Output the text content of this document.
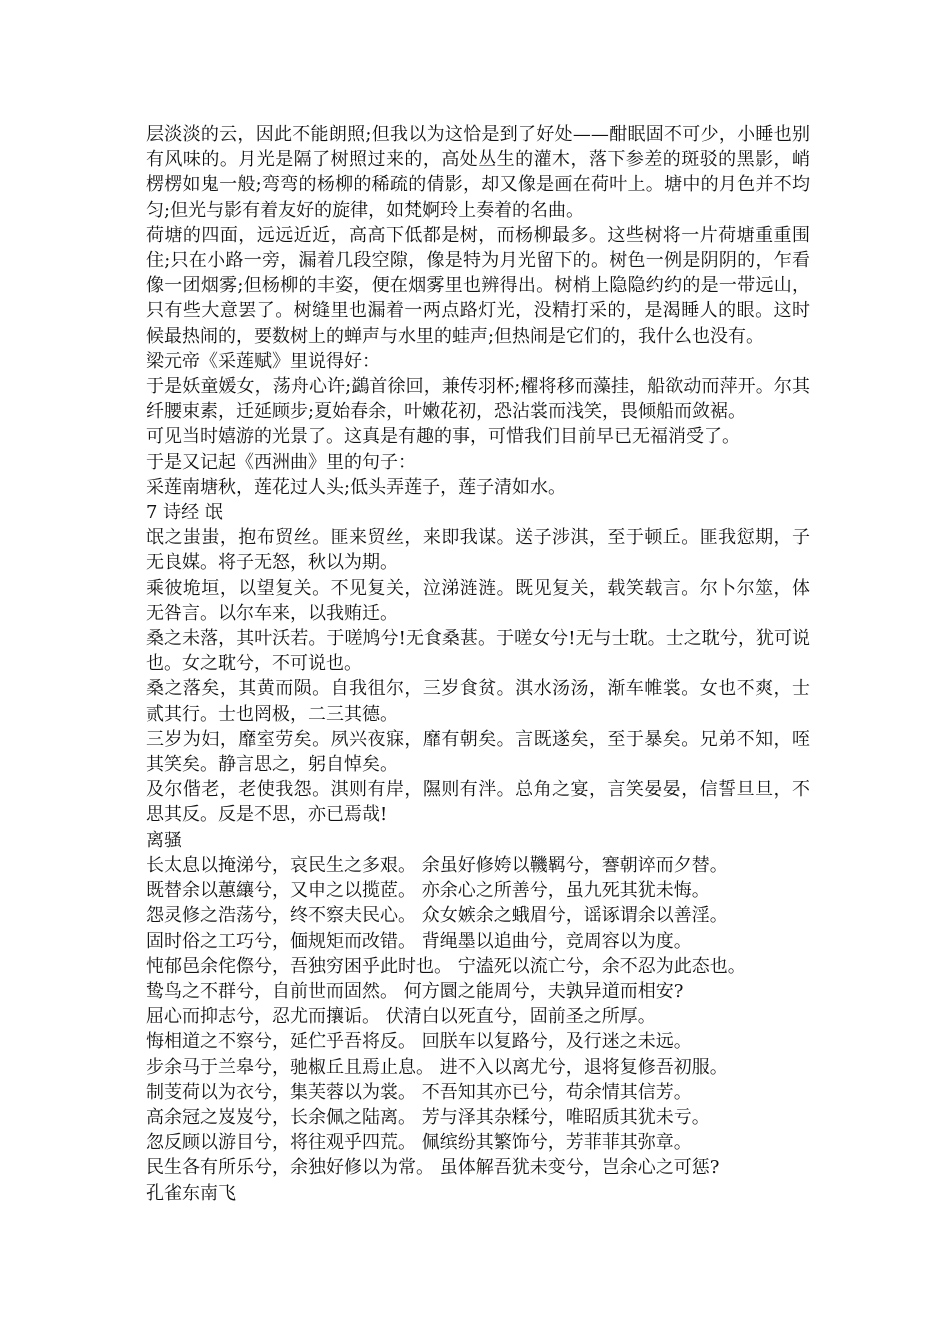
层淡淡的云，因此不能朗照;但我以为这恰是到了好处——酣眠固不可少，小睡也别有风味的。月光是隔了树照过来的，高处丛生的灌木，落下参差的斑驳的黑影，峭楞楞如鬼一般;弯弯的杨柳的稀疏的倩影，却又像是画在荷叶上。塘中的月色并不均匀;但光与影有着友好的旋律，如梵婀玲上奏着的名曲。

荷塘的四面，远远近近，高高下低都是树，而杨柳最多。这些树将一片荷塘重重围住;只在小路一旁，漏着几段空隙，像是特为月光留下的。树色一例是阴阴的，乍看像一团烟雾;但杨柳的丰姿，便在烟雾里也辨得出。树梢上隐隐约约的是一带远山，只有些大意罢了。树缝里也漏着一两点路灯光，没精打采的，是渴睡人的眼。这时候最热闹的，要数树上的蝉声与水里的蛙声;但热闹是它们的，我什么也没有。

梁元帝《采莲赋》里说得好：

于是妖童媛女，荡舟心许;鷁首徐回，兼传羽杯;櫂将移而藻挂，船欲动而萍开。尔其纤腰束素，迁延顾步;夏始春余，叶嫩花初，恐沾裳而浅笑，畏倾船而敛裾。

可见当时嬉游的光景了。这真是有趣的事，可惜我们目前早已无福消受了。

于是又记起《西洲曲》里的句子：

采莲南塘秋，莲花过人头;低头弄莲子，莲子清如水。

7 诗经 氓

氓之蚩蚩，抱布贸丝。匪来贸丝，来即我谋。送子涉淇，至于顿丘。匪我愆期，子无良媒。将子无怒，秋以为期。

乘彼垝垣，以望复关。不见复关，泣涕涟涟。既见复关，载笑载言。尔卜尔筮，体无咎言。以尔车来，以我贿迁。

桑之未落，其叶沃若。于嗟鸠兮!无食桑葚。于嗟女兮!无与士耽。士之耽兮，犹可说也。女之耽兮，不可说也。

桑之落矣，其黄而陨。自我徂尔，三岁食贫。淇水汤汤，渐车帷裳。女也不爽，士贰其行。士也罔极，二三其德。

三岁为妇，靡室劳矣。夙兴夜寐，靡有朝矣。言既遂矣，至于暴矣。兄弟不知，咥其笑矣。静言思之，躬自悼矣。

及尔偕老，老使我怨。淇则有岸，隰则有泮。总角之宴，言笑晏晏，信誓旦旦，不思其反。反是不思，亦已焉哉!

离骚

长太息以掩涕兮，哀民生之多艰。 余虽好修姱以鞿羁兮，謇朝谇而夕替。

既替余以蕙纕兮，又申之以揽茝。 亦余心之所善兮，虽九死其犹未悔。

怨灵修之浩荡兮，终不察夫民心。 众女嫉余之蛾眉兮，谣诼谓余以善淫。

固时俗之工巧兮，偭规矩而改错。 背绳墨以追曲兮，竞周容以为度。

忳郁邑余侘傺兮，吾独穷困乎此时也。 宁溘死以流亡兮，余不忍为此态也。

鸷鸟之不群兮，自前世而固然。 何方圜之能周兮，夫孰异道而相安?

屈心而抑志兮，忍尤而攘诟。 伏清白以死直兮，固前圣之所厚。

悔相道之不察兮，延伫乎吾将反。 回朕车以复路兮，及行迷之未远。

步余马于兰皋兮，驰椒丘且焉止息。 进不入以离尤兮，退将复修吾初服。

制芰荷以为衣兮，集芙蓉以为裳。 不吾知其亦已兮，苟余情其信芳。

高余冠之岌岌兮，长余佩之陆离。 芳与泽其杂糅兮，唯昭质其犹未亏。

忽反顾以游目兮，将往观乎四荒。 佩缤纷其繁饰兮，芳菲菲其弥章。

民生各有所乐兮，余独好修以为常。 虽体解吾犹未变兮，岂余心之可惩?

孔雀东南飞
